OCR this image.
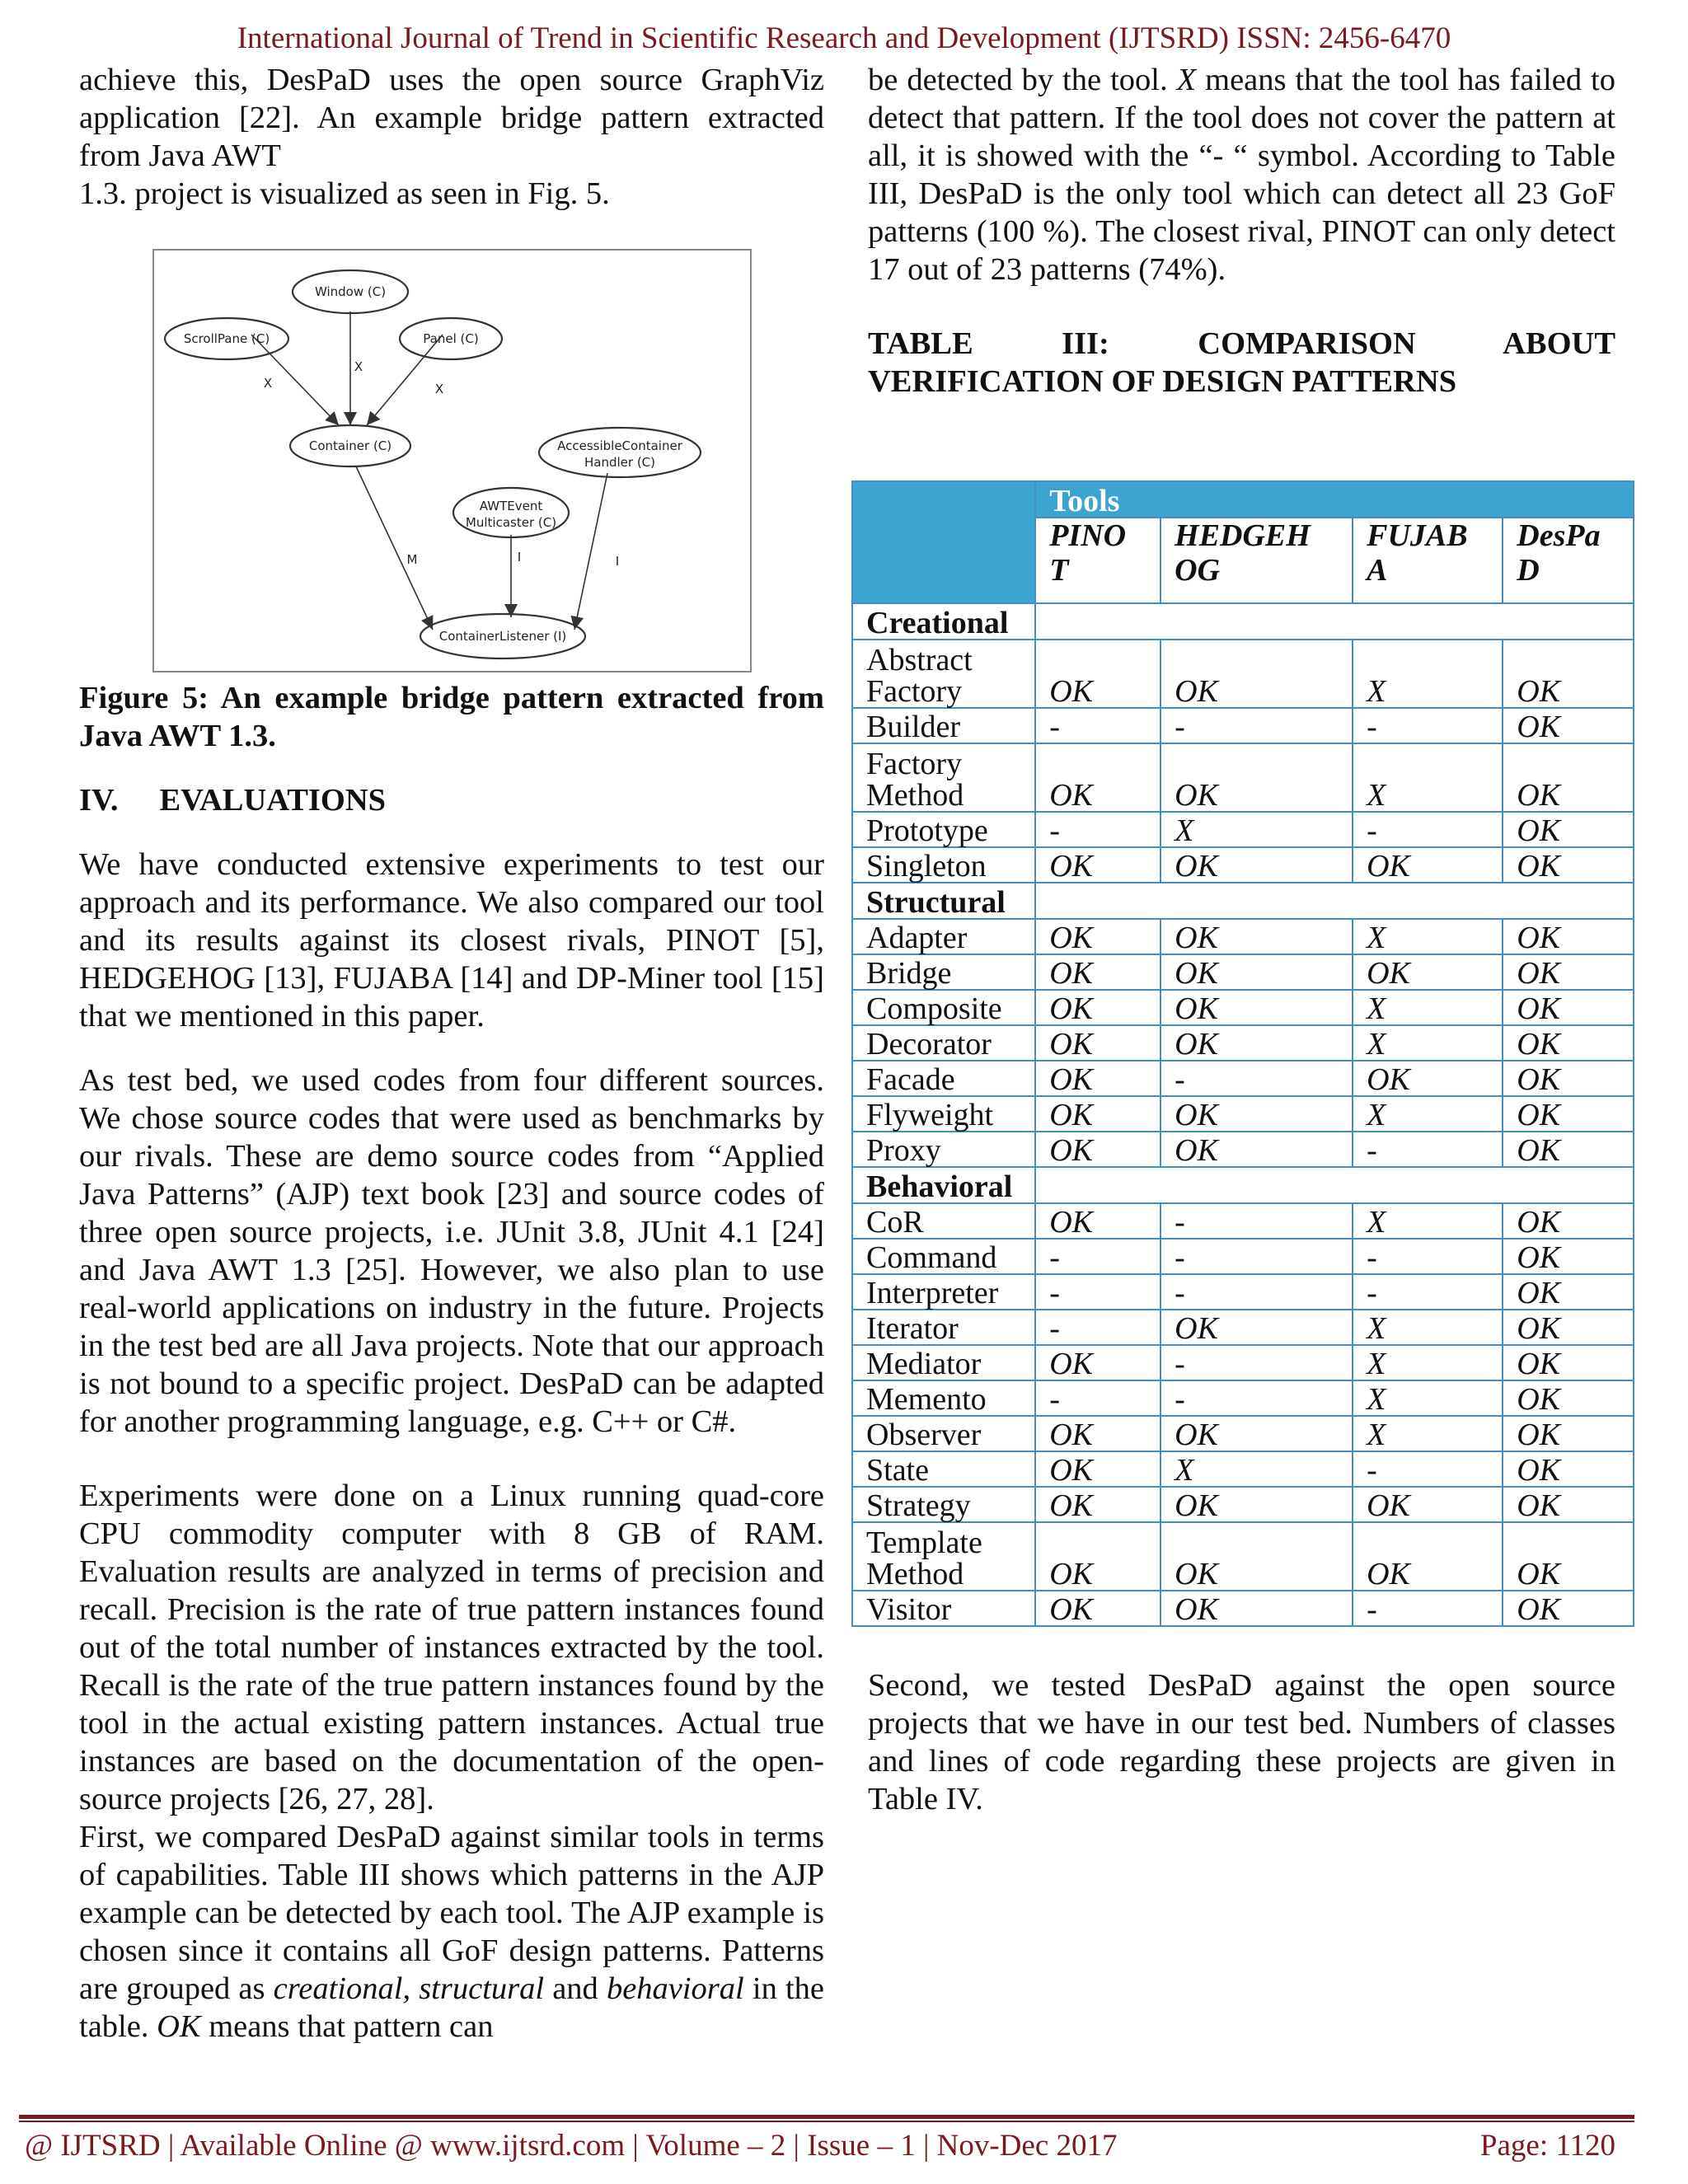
International Journal of Trend in Scientific Research and Development (IJTSRD) ISSN: 2456-6470

achieve this, DesPaD uses the open source GraphViz application [22]. An example bridge pattern extracted from Java AWT

1.3. project is visualized as seen in Fig. 5.

Window (C)
ScrollPane (C)	Panel (C)
Container (C)	AccessibleContainer
Handler (C)
AWTEvent
Multicaster (C)
ContainerListener (I)
X
X
X
M	I	I

Figure 5: An example bridge pattern extracted from Java AWT 1.3.

IV. EVALUATIONS

We have conducted extensive experiments to test our approach and its performance. We also compared our tool and its results against its closest rivals, PINOT [5], HEDGEHOG [13], FUJABA [14] and DP-Miner tool [15] that we mentioned in this paper.

As test bed, we used codes from four different sources. We chose source codes that were used as benchmarks by our rivals. These are demo source codes from “Applied Java Patterns” (AJP) text book [23] and source codes of three open source projects, i.e. JUnit 3.8, JUnit 4.1 [24] and Java AWT 1.3 [25]. However, we also plan to use real-world applications on industry in the future. Projects in the test bed are all Java projects. Note that our approach is not bound to a specific project. DesPaD can be adapted for another programming language, e.g. C++ or C#.

Experiments were done on a Linux running quad-core CPU commodity computer with 8 GB of RAM. Evaluation results are analyzed in terms of precision and recall. Precision is the rate of true pattern instances found out of the total number of instances extracted by the tool. Recall is the rate of the true pattern instances found by the tool in the actual existing pattern instances. Actual true instances are based on the documentation of the open-source projects [26, 27, 28].

First, we compared DesPaD against similar tools in terms of capabilities. Table III shows which patterns in the AJP example can be detected by each tool. The AJP example is chosen since it contains all GoF design patterns. Patterns are grouped as creational, structural and behavioral in the table. OK means that pattern can

be detected by the tool. X means that the tool has failed to detect that pattern. If the tool does not cover the pattern at all, it is showed with the “- “ symbol. According to Table III, DesPaD is the only tool which can detect all 23 GoF patterns (100 %). The closest rival, PINOT can only detect 17 out of 23 patterns (74%).

TABLE III: COMPARISON ABOUT

VERIFICATION OF DESIGN PATTERNS

	Tools			
	PINO T	HEDGEH OG	FUJAB A	DesPa D
Creational				
Abstract Factory	OK	OK	X	OK
Builder	-	-	-	OK
Factory Method	OK	OK	X	OK
Prototype	-	X	-	OK
Singleton	OK	OK	OK	OK
Structural				
Adapter	OK	OK	X	OK
Bridge	OK	OK	OK	OK
Composite	OK	OK	X	OK
Decorator	OK	OK	X	OK
Facade	OK	-	OK	OK
Flyweight	OK	OK	X	OK
Proxy	OK	OK	-	OK
Behavioral				
CoR	OK	-	X	OK
Command	-	-	-	OK
Interpreter	-	-	-	OK
Iterator	-	OK	X	OK
Mediator	OK	-	X	OK
Memento	-	-	X	OK
Observer	OK	OK	X	OK
State	OK	X	-	OK
Strategy	OK	OK	OK	OK
Template Method	OK	OK	OK	OK
Visitor	OK	OK	-	OK

Second, we tested DesPaD against the open source projects that we have in our test bed. Numbers of classes and lines of code regarding these projects are given in Table IV.

@ IJTSRD | Available Online @ www.ijtsrd.com | Volume – 2 | Issue – 1 | Nov-Dec 2017	Page: 1120
